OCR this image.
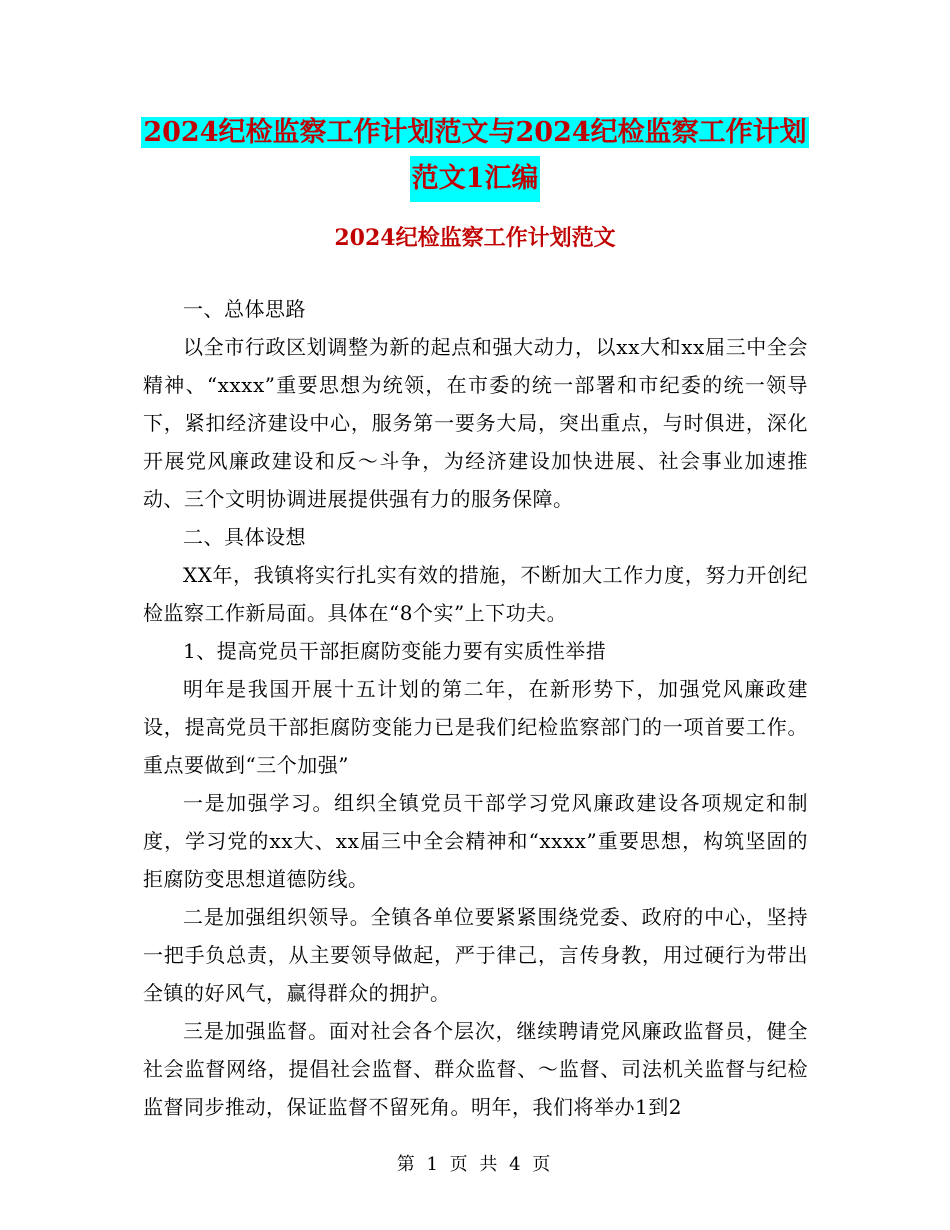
2024纪检监察工作计划范文与2024纪检监察工作计划
范文1汇编
2024纪检监察工作计划范文

一、总体思路

以全市行政区划调整为新的起点和强大动力，以xx大和xx届三中全会精神、“xxxx”重要思想为统领，在市委的统一部署和市纪委的统一领导下，紧扣经济建设中心，服务第一要务大局，突出重点，与时俱进，深化开展党风廉政建设和反～斗争，为经济建设加快进展、社会事业加速推动、三个文明协调进展提供强有力的服务保障。

二、具体设想

XX年，我镇将实行扎实有效的措施，不断加大工作力度，努力开创纪检监察工作新局面。具体在“8个实”上下功夫。

1、提高党员干部拒腐防变能力要有实质性举措

明年是我国开展十五计划的第二年，在新形势下，加强党风廉政建设，提高党员干部拒腐防变能力已是我们纪检监察部门的一项首要工作。重点要做到“三个加强”

一是加强学习。组织全镇党员干部学习党风廉政建设各项规定和制度，学习党的xx大、xx届三中全会精神和“xxxx”重要思想，构筑坚固的拒腐防变思想道德防线。

二是加强组织领导。全镇各单位要紧紧围绕党委、政府的中心，坚持一把手负总责，从主要领导做起，严于律己，言传身教，用过硬行为带出全镇的好风气，赢得群众的拥护。

三是加强监督。面对社会各个层次，继续聘请党风廉政监督员，健全社会监督网络，提倡社会监督、群众监督、～监督、司法机关监督与纪检监督同步推动，保证监督不留死角。明年，我们将举办1到2

第 1 页 共 4 页
